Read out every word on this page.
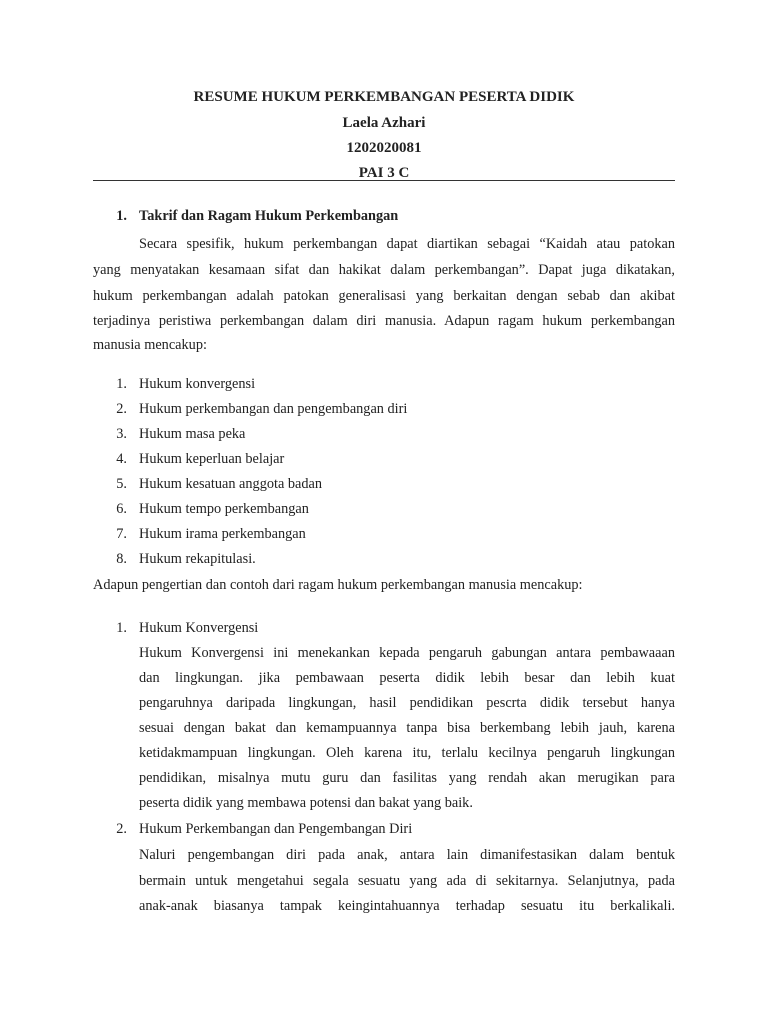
RESUME HUKUM PERKEMBANGAN PESERTA DIDIK
Laela Azhari
1202020081
PAI 3 C
1. Takrif dan Ragam Hukum Perkembangan
Secara spesifik, hukum perkembangan dapat diartikan sebagai “Kaidah atau patokan
yang menyatakan kesamaan sifat dan hakikat dalam perkembangan”. Dapat juga dikatakan,
hukum perkembangan adalah patokan generalisasi yang berkaitan dengan sebab dan akibat
terjadinya peristiwa perkembangan dalam diri manusia. Adapun ragam hukum perkembangan
manusia mencakup:
1. Hukum konvergensi
2. Hukum perkembangan dan pengembangan diri
3. Hukum masa peka
4. Hukum keperluan belajar
5. Hukum kesatuan anggota badan
6. Hukum tempo perkembangan
7. Hukum irama perkembangan
8. Hukum rekapitulasi.
Adapun pengertian dan contoh dari ragam hukum perkembangan manusia mencakup:
1. Hukum Konvergensi
Hukum Konvergensi ini menekankan kepada pengaruh gabungan antara pembawaaan
dan lingkungan. jika pembawaan peserta didik lebih besar dan lebih kuat
pengaruhnya daripada lingkungan, hasil pendidikan pescrta didik tersebut hanya
sesuai dengan bakat dan kemampuannya tanpa bisa berkembang lebih jauh, karena
ketidakmampuan lingkungan. Oleh karena itu, terlalu kecilnya pengaruh lingkungan
pendidikan, misalnya mutu guru dan fasilitas yang rendah akan merugikan para
peserta didik yang membawa potensi dan bakat yang baik.
2. Hukum Perkembangan dan Pengembangan Diri
Naluri pengembangan diri pada anak, antara lain dimanifestasikan dalam bentuk
bermain untuk mengetahui segala sesuatu yang ada di sekitarnya. Selanjutnya, pada
anak-anak biasanya tampak keingintahuannya terhadap sesuatu itu berkalikali.
